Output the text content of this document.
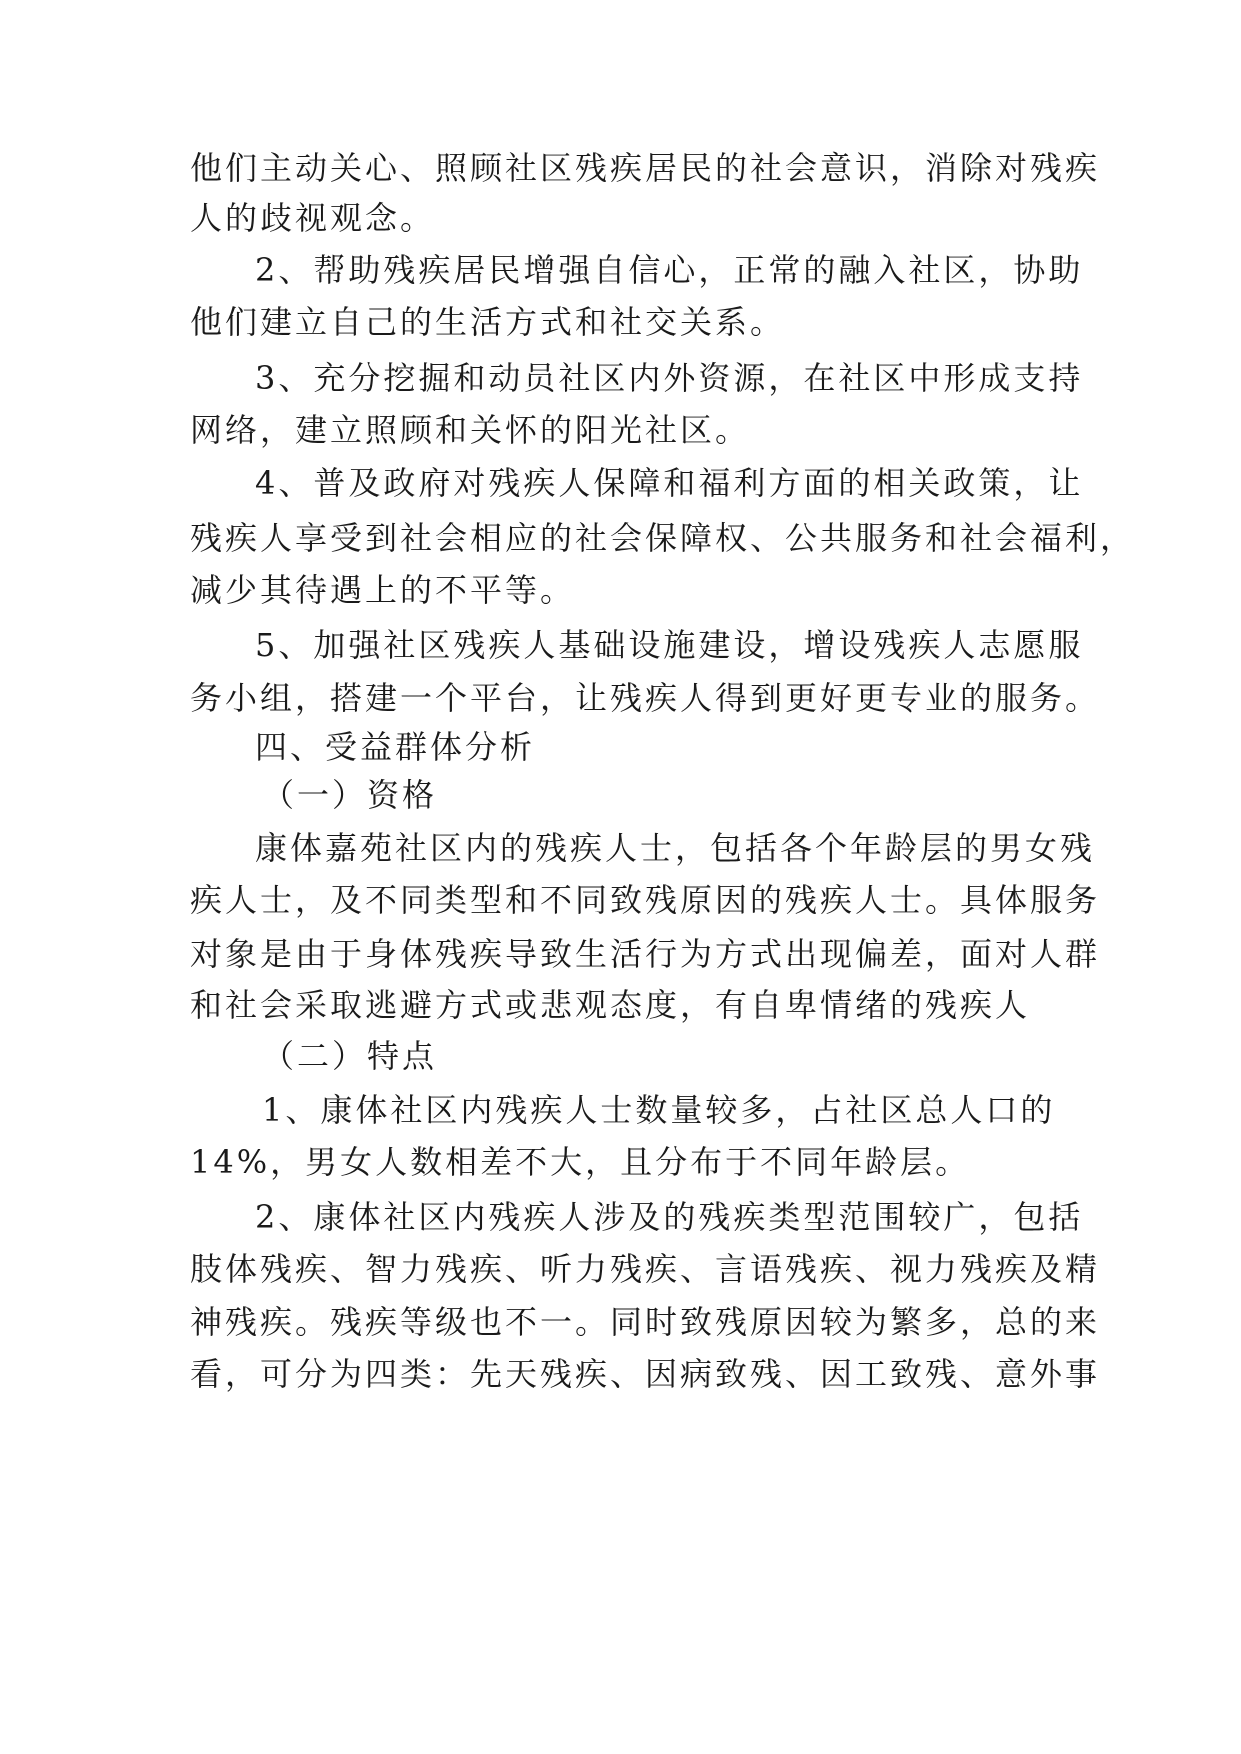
他们主动关心、照顾社区残疾居民的社会意识，消除对残疾
人的歧视观念。
2、帮助残疾居民增强自信心，正常的融入社区，协助
他们建立自己的生活方式和社交关系。
3、充分挖掘和动员社区内外资源，在社区中形成支持
网络，建立照顾和关怀的阳光社区。
4、普及政府对残疾人保障和福利方面的相关政策，让
残疾人享受到社会相应的社会保障权、公共服务和社会福利，
减少其待遇上的不平等。
5、加强社区残疾人基础设施建设，增设残疾人志愿服
务小组，搭建一个平台，让残疾人得到更好更专业的服务。
四、受益群体分析
（一）资格
康体嘉苑社区内的残疾人士，包括各个年龄层的男女残
疾人士，及不同类型和不同致残原因的残疾人士。具体服务
对象是由于身体残疾导致生活行为方式出现偏差，面对人群
和社会采取逃避方式或悲观态度，有自卑情绪的残疾人
（二）特点
1、康体社区内残疾人士数量较多，占社区总人口的
14%，男女人数相差不大，且分布于不同年龄层。
2、康体社区内残疾人涉及的残疾类型范围较广，包括
肢体残疾、智力残疾、听力残疾、言语残疾、视力残疾及精
神残疾。残疾等级也不一。同时致残原因较为繁多，总的来
看，可分为四类：先天残疾、因病致残、因工致残、意外事
